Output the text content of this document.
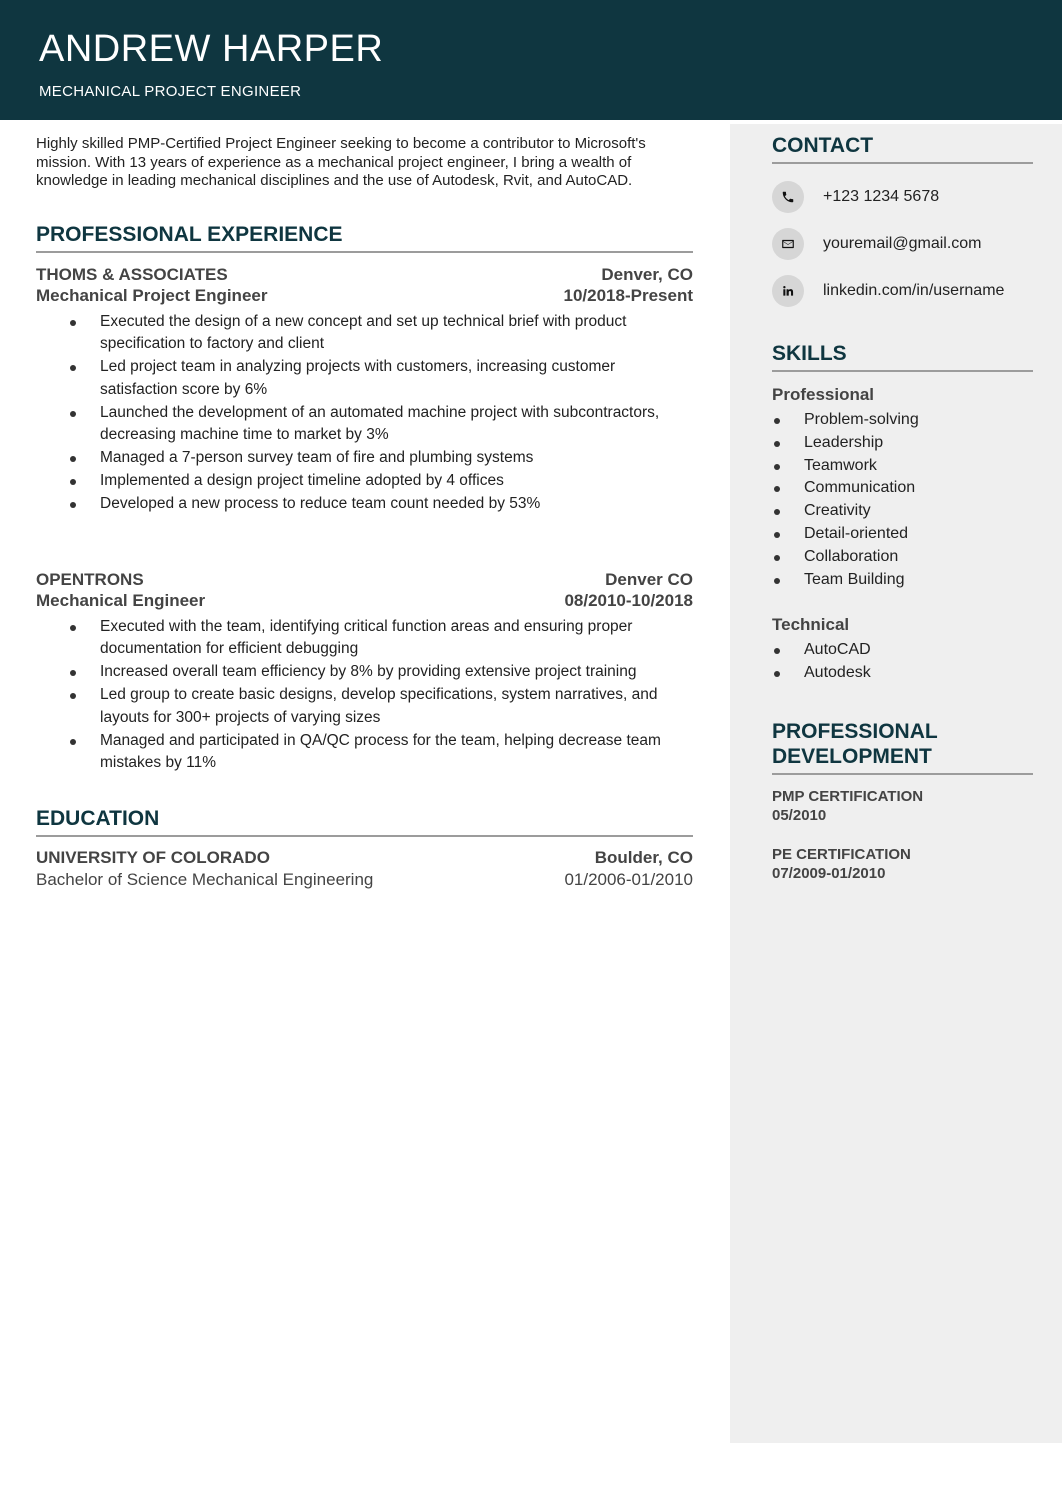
ANDREW HARPER
MECHANICAL PROJECT ENGINEER
Highly skilled PMP-Certified Project Engineer seeking to become a contributor to Microsoft's mission. With 13 years of experience as a mechanical project engineer, I bring a wealth of knowledge in leading mechanical disciplines and the use of Autodesk, Rvit, and AutoCAD.
PROFESSIONAL EXPERIENCE
THOMS & ASSOCIATES	Denver, CO
Mechanical Project Engineer	10/2018-Present
Executed the design of a new concept and set up technical brief with product specification to factory and client
Led project team in analyzing projects with customers, increasing customer satisfaction score by 6%
Launched the development of an automated machine project with subcontractors, decreasing machine time to market by 3%
Managed a 7-person survey team of fire and plumbing systems
Implemented a design project timeline adopted by 4 offices
Developed a new process to reduce team count needed by 53%
OPENTRONS	Denver CO
Mechanical Engineer	08/2010-10/2018
Executed with the team, identifying critical function areas and ensuring proper documentation for efficient debugging
Increased overall team efficiency by 8% by providing extensive project training
Led group to create basic designs, develop specifications, system narratives, and layouts for 300+ projects of varying sizes
Managed and participated in QA/QC process for the team, helping decrease team mistakes by 11%
EDUCATION
UNIVERSITY OF COLORADO	Boulder, CO
Bachelor of Science Mechanical Engineering	01/2006-01/2010
CONTACT
+123 1234 5678
youremail@gmail.com
linkedin.com/in/username
SKILLS
Professional
Problem-solving
Leadership
Teamwork
Communication
Creativity
Detail-oriented
Collaboration
Team Building
Technical
AutoCAD
Autodesk
PROFESSIONAL
DEVELOPMENT
PMP CERTIFICATION
05/2010
PE CERTIFICATION
07/2009-01/2010
